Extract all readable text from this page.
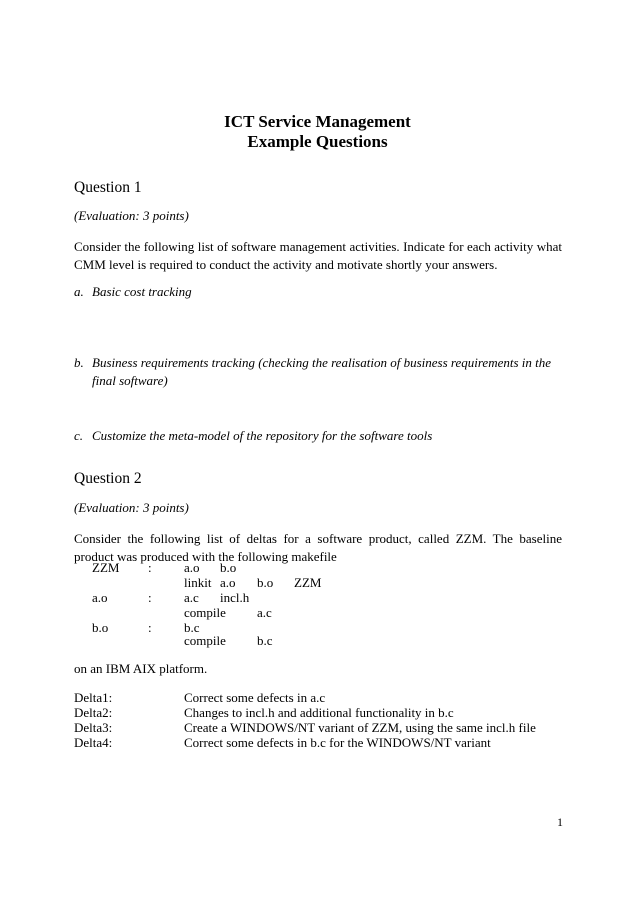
ICT Service Management
Example Questions
Question 1
(Evaluation: 3 points)
Consider the following list of software management activities. Indicate for each activity what CMM level is required to conduct the activity and motivate shortly your answers.
a. Basic cost tracking
b. Business requirements tracking (checking the realisation of business requirements in the final software)
c. Customize the meta-model of the repository for the software tools
Question 2
(Evaluation: 3 points)
Consider the following list of deltas for a software product, called ZZM. The baseline product was produced with the following makefile
ZZM : a.o b.o
linkit a.o b.o ZZM
a.o	: a.c incl.h
compile a.c
b.o	: b.c
compile b.c
on an IBM AIX platform.
Delta1:	Correct some defects in a.c
Delta2:	Changes to incl.h and additional functionality in b.c
Delta3:	Create a WINDOWS/NT variant of ZZM, using the same incl.h file
Delta4:	Correct some defects in b.c for the WINDOWS/NT variant
1
